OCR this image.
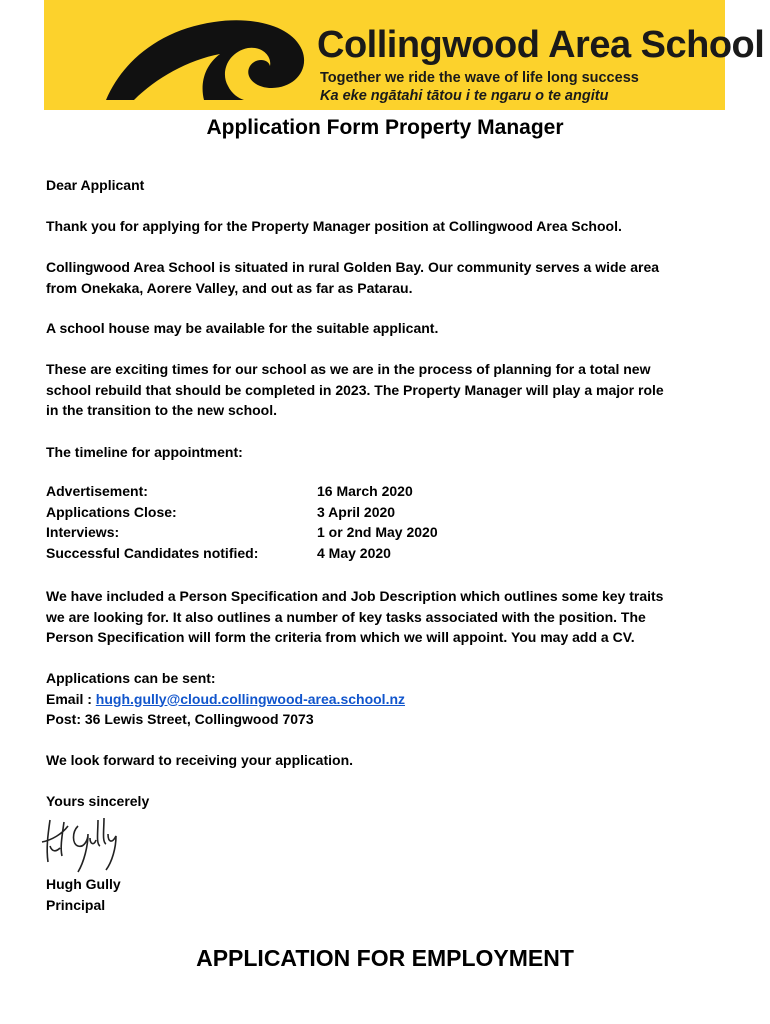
Collingwood Area School
Together we ride the wave of life long success
Ka eke ngātahi tātou i te ngaru o te angitu
Application Form Property Manager

Dear Applicant

Thank you for applying for the Property Manager position at Collingwood Area School.

Collingwood Area School is situated in rural Golden Bay. Our community serves a wide area
from Onekaka, Aorere Valley, and out as far as Patarau.

A school house may be available for the suitable applicant.

These are exciting times for our school as we are in the process of planning for a total new
school rebuild that should be completed in 2023. The Property Manager will play a major role
in the transition to the new school.

The timeline for appointment:

Advertisement:	16 March 2020
Applications Close:	3 April 2020
Interviews:	1 or 2nd May 2020
Successful Candidates notified:	4 May 2020
We have included a Person Specification and Job Description which outlines some key traits
we are looking for. It also outlines a number of key tasks associated with the position. The
Person Specification will form the criteria from which we will appoint. You may add a CV.
Applications can be sent:
Email : hugh.gully@cloud.collingwood-area.school.nz
Post: 36 Lewis Street, Collingwood 7073

We look forward to receiving your application.

Yours sincerely

Hugh Gully
Principal
APPLICATION FOR EMPLOYMENT
